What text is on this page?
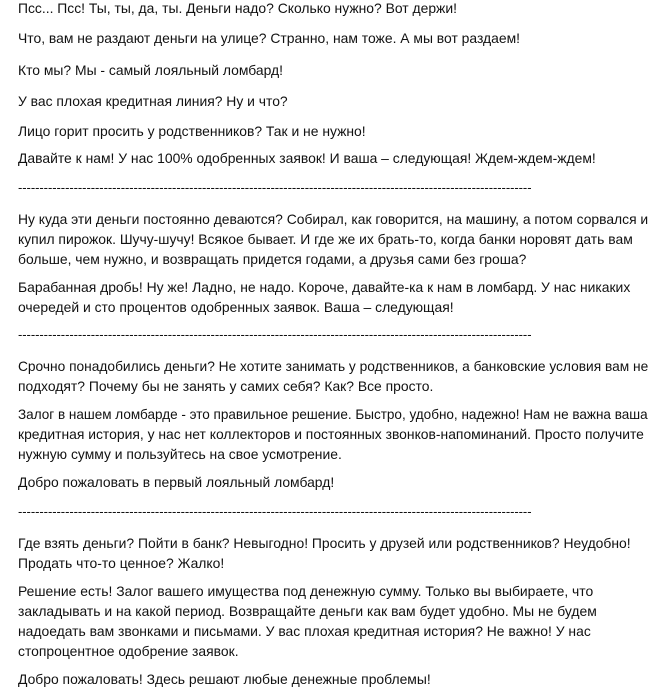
Псс... Псс! Ты, ты, да, ты. Деньги надо? Сколько нужно? Вот держи!
Что, вам не раздают деньги на улице? Странно, нам тоже. А мы вот раздаем!
Кто мы? Мы - самый лояльный ломбард!
У вас плохая кредитная линия? Ну и что?
Лицо горит просить у родственников? Так и не нужно!
Давайте к нам! У нас 100% одобренных заявок! И ваша – следующая! Ждем-ждем-ждем!
------------------------------------------------------------------------------------------------------------------------
Ну куда эти деньги постоянно деваются? Собирал, как говорится, на машину, а потом сорвался и
купил пирожок. Шучу-шучу! Всякое бывает. И где же их брать-то, когда банки норовят дать вам
больше, чем нужно, и возвращать придется годами, а друзья сами без гроша?
Барабанная дробь! Ну же! Ладно, не надо. Короче, давайте-ка к нам в ломбард. У нас никаких
очередей и сто процентов одобренных заявок. Ваша – следующая!
------------------------------------------------------------------------------------------------------------------------
Срочно понадобились деньги? Не хотите занимать у родственников, а банковские условия вам не
подходят? Почему бы не занять у самих себя? Как? Все просто.
Залог в нашем ломбарде - это правильное решение. Быстро, удобно, надежно! Нам не важна ваша
кредитная история, у нас нет коллекторов и постоянных звонков-напоминаний. Просто получите
нужную сумму и пользуйтесь на свое усмотрение.
Добро пожаловать в первый лояльный ломбард!
------------------------------------------------------------------------------------------------------------------------
Где взять деньги? Пойти в банк? Невыгодно! Просить у друзей или родственников? Неудобно!
Продать что-то ценное? Жалко!
Решение есть! Залог вашего имущества под денежную сумму. Только вы выбираете, что
закладывать и на какой период. Возвращайте деньги как вам будет удобно. Мы не будем
надоедать вам звонками и письмами. У вас плохая кредитная история? Не важно! У нас
стопроцентное одобрение заявок.
Добро пожаловать! Здесь решают любые денежные проблемы!
